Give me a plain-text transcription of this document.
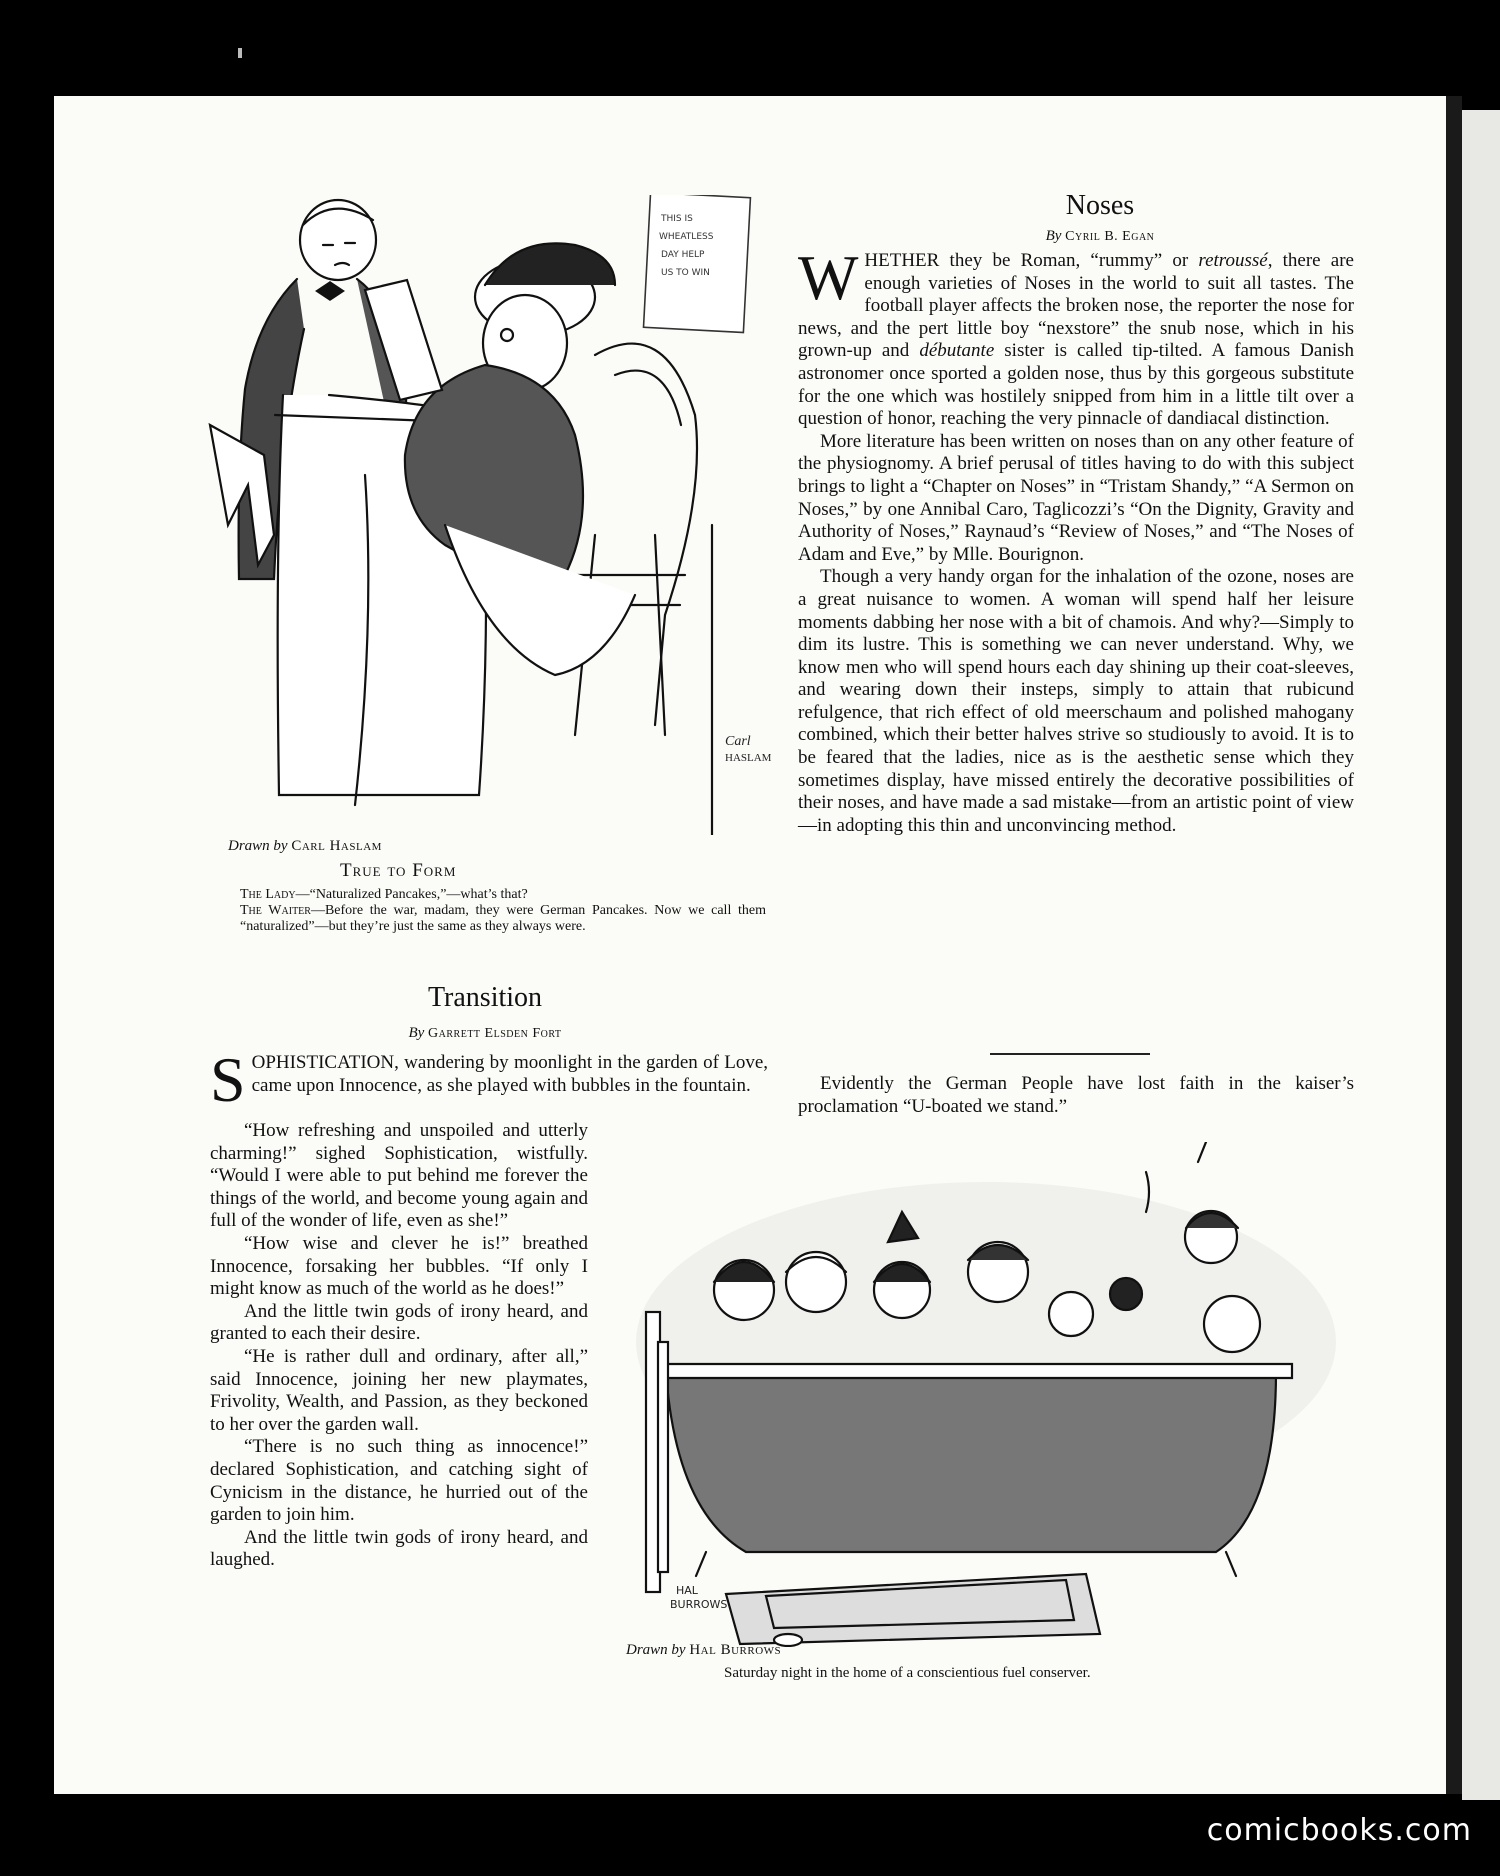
THIS IS
WHEATLESS
DAY HELP
US TO WIN
Carl
HASLAM
Drawn by Carl Haslam
True to Form

The Lady—“Naturalized Pancakes,”—what’s that?

The Waiter—Before the war, madam, they were German Pancakes. Now we call them “naturalized”—but they’re just the same as they always were.

Transition
By Garrett Elsden Fort
SOPHISTICATION, wandering by moonlight in the garden of Love, came upon Innocence, as she played with bubbles in the fountain.

“How refreshing and unspoiled and utterly charming!” sighed Sophistication, wistfully. “Would I were able to put behind me forever the things of the world, and become young again and full of the wonder of life, even as she!”

“How wise and clever he is!” breathed Innocence, forsaking her bubbles. “If only I might know as much of the world as he does!”

And the little twin gods of irony heard, and granted to each their desire.

“He is rather dull and ordinary, after all,” said Innocence, joining her new playmates, Frivolity, Wealth, and Passion, as they beckoned to her over the garden wall.

“There is no such thing as innocence!” declared Sophistication, and catching sight of Cynicism in the distance, he hurried out of the garden to join him.

And the little twin gods of irony heard, and laughed.

Noses
By Cyril B. Egan

WHETHER they be Roman, “rummy” or retroussé, there are enough varieties of Noses in the world to suit all tastes. The football player affects the broken nose, the reporter the nose for news, and the pert little boy “nexstore” the snub nose, which in his grown-up and débutante sister is called tip-tilted. A famous Danish astronomer once sported a golden nose, thus by this gorgeous substitute for the one which was hostilely snipped from him in a little tilt over a question of honor, reaching the very pinnacle of dandiacal distinction.

More literature has been written on noses than on any other feature of the physiognomy. A brief perusal of titles having to do with this subject brings to light a “Chapter on Noses” in “Tristam Shandy,” “A Sermon on Noses,” by one Annibal Caro, Taglicozzi’s “On the Dignity, Gravity and Authority of Noses,” Raynaud’s “Review of Noses,” and “The Noses of Adam and Eve,” by Mlle. Bourignon.

Though a very handy organ for the inhalation of the ozone, noses are a great nuisance to women. A woman will spend half her leisure moments dabbing her nose with a bit of chamois. And why?—Simply to dim its lustre. This is something we can never understand. Why, we know men who will spend hours each day shining up their coat-sleeves, and wearing down their insteps, simply to attain that rubicund refulgence, that rich effect of old meerschaum and polished mahogany combined, which their better halves strive so studiously to avoid. It is to be feared that the ladies, nice as is the aesthetic sense which they sometimes display, have missed entirely the decorative possibilities of their noses, and have made a sad mistake—from an artistic point of view—in adopting this thin and unconvincing method.

Evidently the German People have lost faith in the kaiser’s proclamation “U-boated we stand.”
HAL
BURROWS
Drawn by Hal Burrows
Saturday night in the home of a conscientious fuel conserver.
comicbooks.com
